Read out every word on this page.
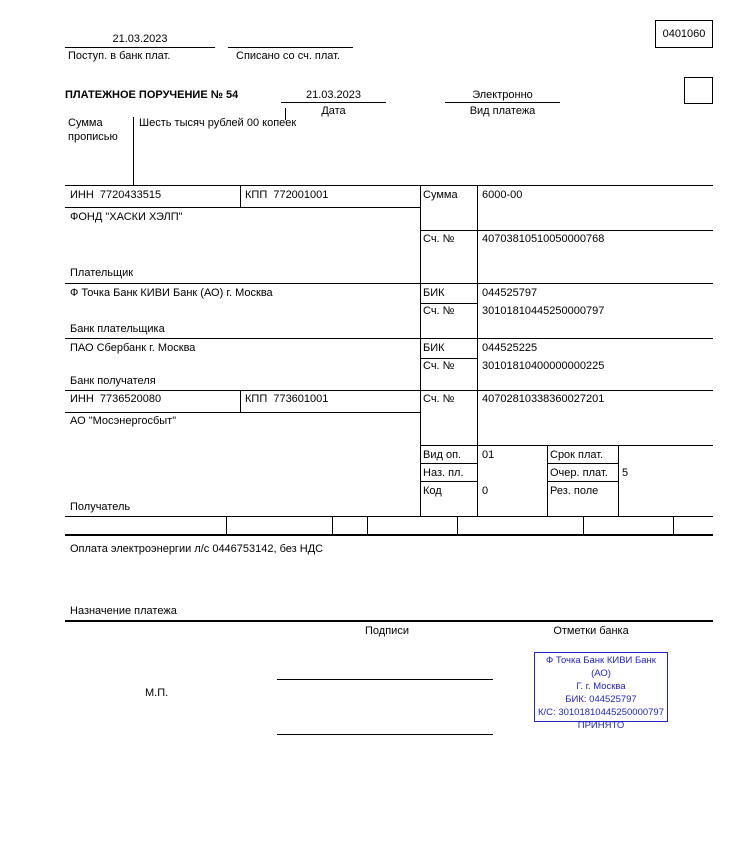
21.03.2023
Поступ. в банк плат.	Списано со сч. плат.
0401060
ПЛАТЕЖНОЕ ПОРУЧЕНИЕ № 54	21.03.2023
Дата
Электронно
Вид платежа
Сумма
прописью
Шесть тысяч рублей 00 копеек
ИНН  7720433515	КПП  772001001
ФОНД "ХАСКИ ХЭЛП"
Сумма 6000-00
Сч. №	40703810510050000768
Плательщик
Ф Точка Банк КИВИ Банк (АО) г. Москва	БИК	044525797
Сч. №	30101810445250000797
Банк плательщика
ПАО Сбербанк г. Москва	БИК	044525225
Сч. №	30101810400000000225
Банк получателя
ИНН  7736520080	КПП  773601001	Сч. №	40702810338360027201
АО "Мосэнергосбыт"
Вид оп. 01	Срок плат.
Наз. пл.	Очер. плат. 5
Код	0	Рез. поле
Получатель
Оплата электроэнергии л/с 0446753142, без НДС
Назначение платежа
Подписи	Отметки банка
М.П.
Ф Точка Банк КИВИ Банк (АО)
Г. г. Москва
БИК: 044525797
К/С: 30101810445250000797
ПРИНЯТО
